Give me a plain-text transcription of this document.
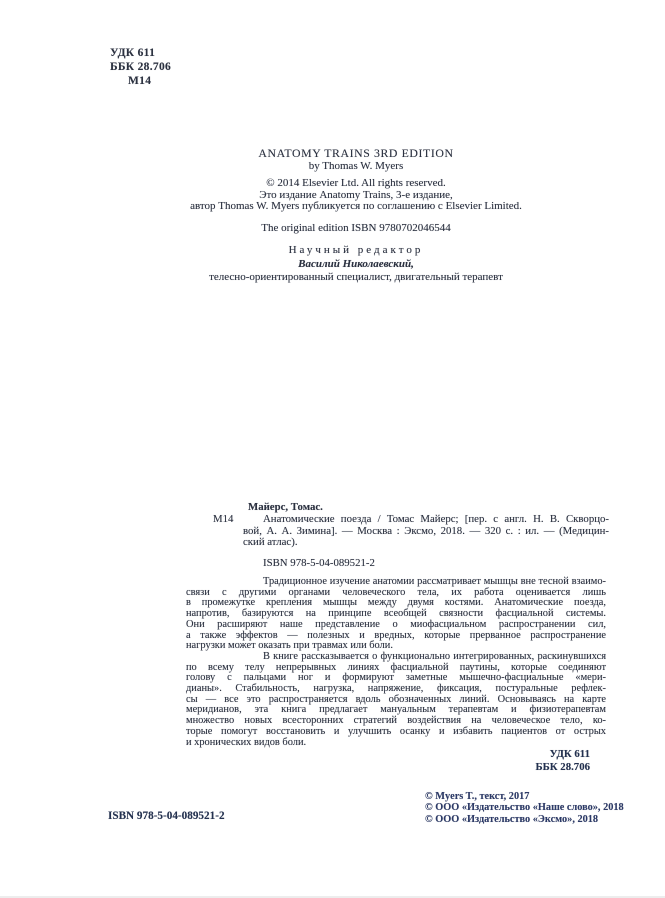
УДК 611
ББК 28.706
М14
ANATOMY TRAINS 3RD EDITION
by Thomas W. Myers
© 2014 Elsevier Ltd. All rights reserved.
Это издание Anatomy Trains, 3-е издание,
автор Thomas W. Myers публикуется по соглашению с Elsevier Limited.
The original edition ISBN 9780702046544
Научный редактор
Василий Николаевский,
телесно-ориентированный специалист, двигательный терапевт
Майерс, Томас.
М14	Анатомические поезда / Томас Майерс; [пер. с англ. Н. В. Скворцо-
вой, А. А. Зимина]. — Москва : Эксмо, 2018. — 320 с. : ил. — (Медицин-
ский атлас).
ISBN 978-5-04-089521-2
Традиционное изучение анатомии рассматривает мышцы вне тесной взаимо-
связи с другими органами человеческого тела, их работа оценивается лишь
в промежутке крепления мышцы между двумя костями. Анатомические поезда,
напротив, базируются на принципе всеобщей связности фасциальной системы.
Они расширяют наше представление о миофасциальном распространении сил,
а также эффектов — полезных и вредных, которые прерванное распространение
нагрузки может оказать при травмах или боли.
В книге рассказывается о функционально интегрированных, раскинувшихся
по всему телу непрерывных линиях фасциальной паутины, которые соединяют
голову с пальцами ног и формируют заметные мышечно-фасциальные «мери-
дианы». Стабильность, нагрузка, напряжение, фиксация, постуральные рефлек-
сы — все это распространяется вдоль обозначенных линий. Основываясь на карте
меридианов, эта книга предлагает мануальным терапевтам и физиотерапевтам
множество новых всесторонних стратегий воздействия на человеческое тело, ко-
торые помогут восстановить и улучшить осанку и избавить пациентов от острых
и хронических видов боли.
УДК 611
ББК 28.706
ISBN 978-5-04-089521-2
© Myers T., текст, 2017
© ООО «Издательство «Наше слово», 2018
© ООО «Издательство «Эксмо», 2018
